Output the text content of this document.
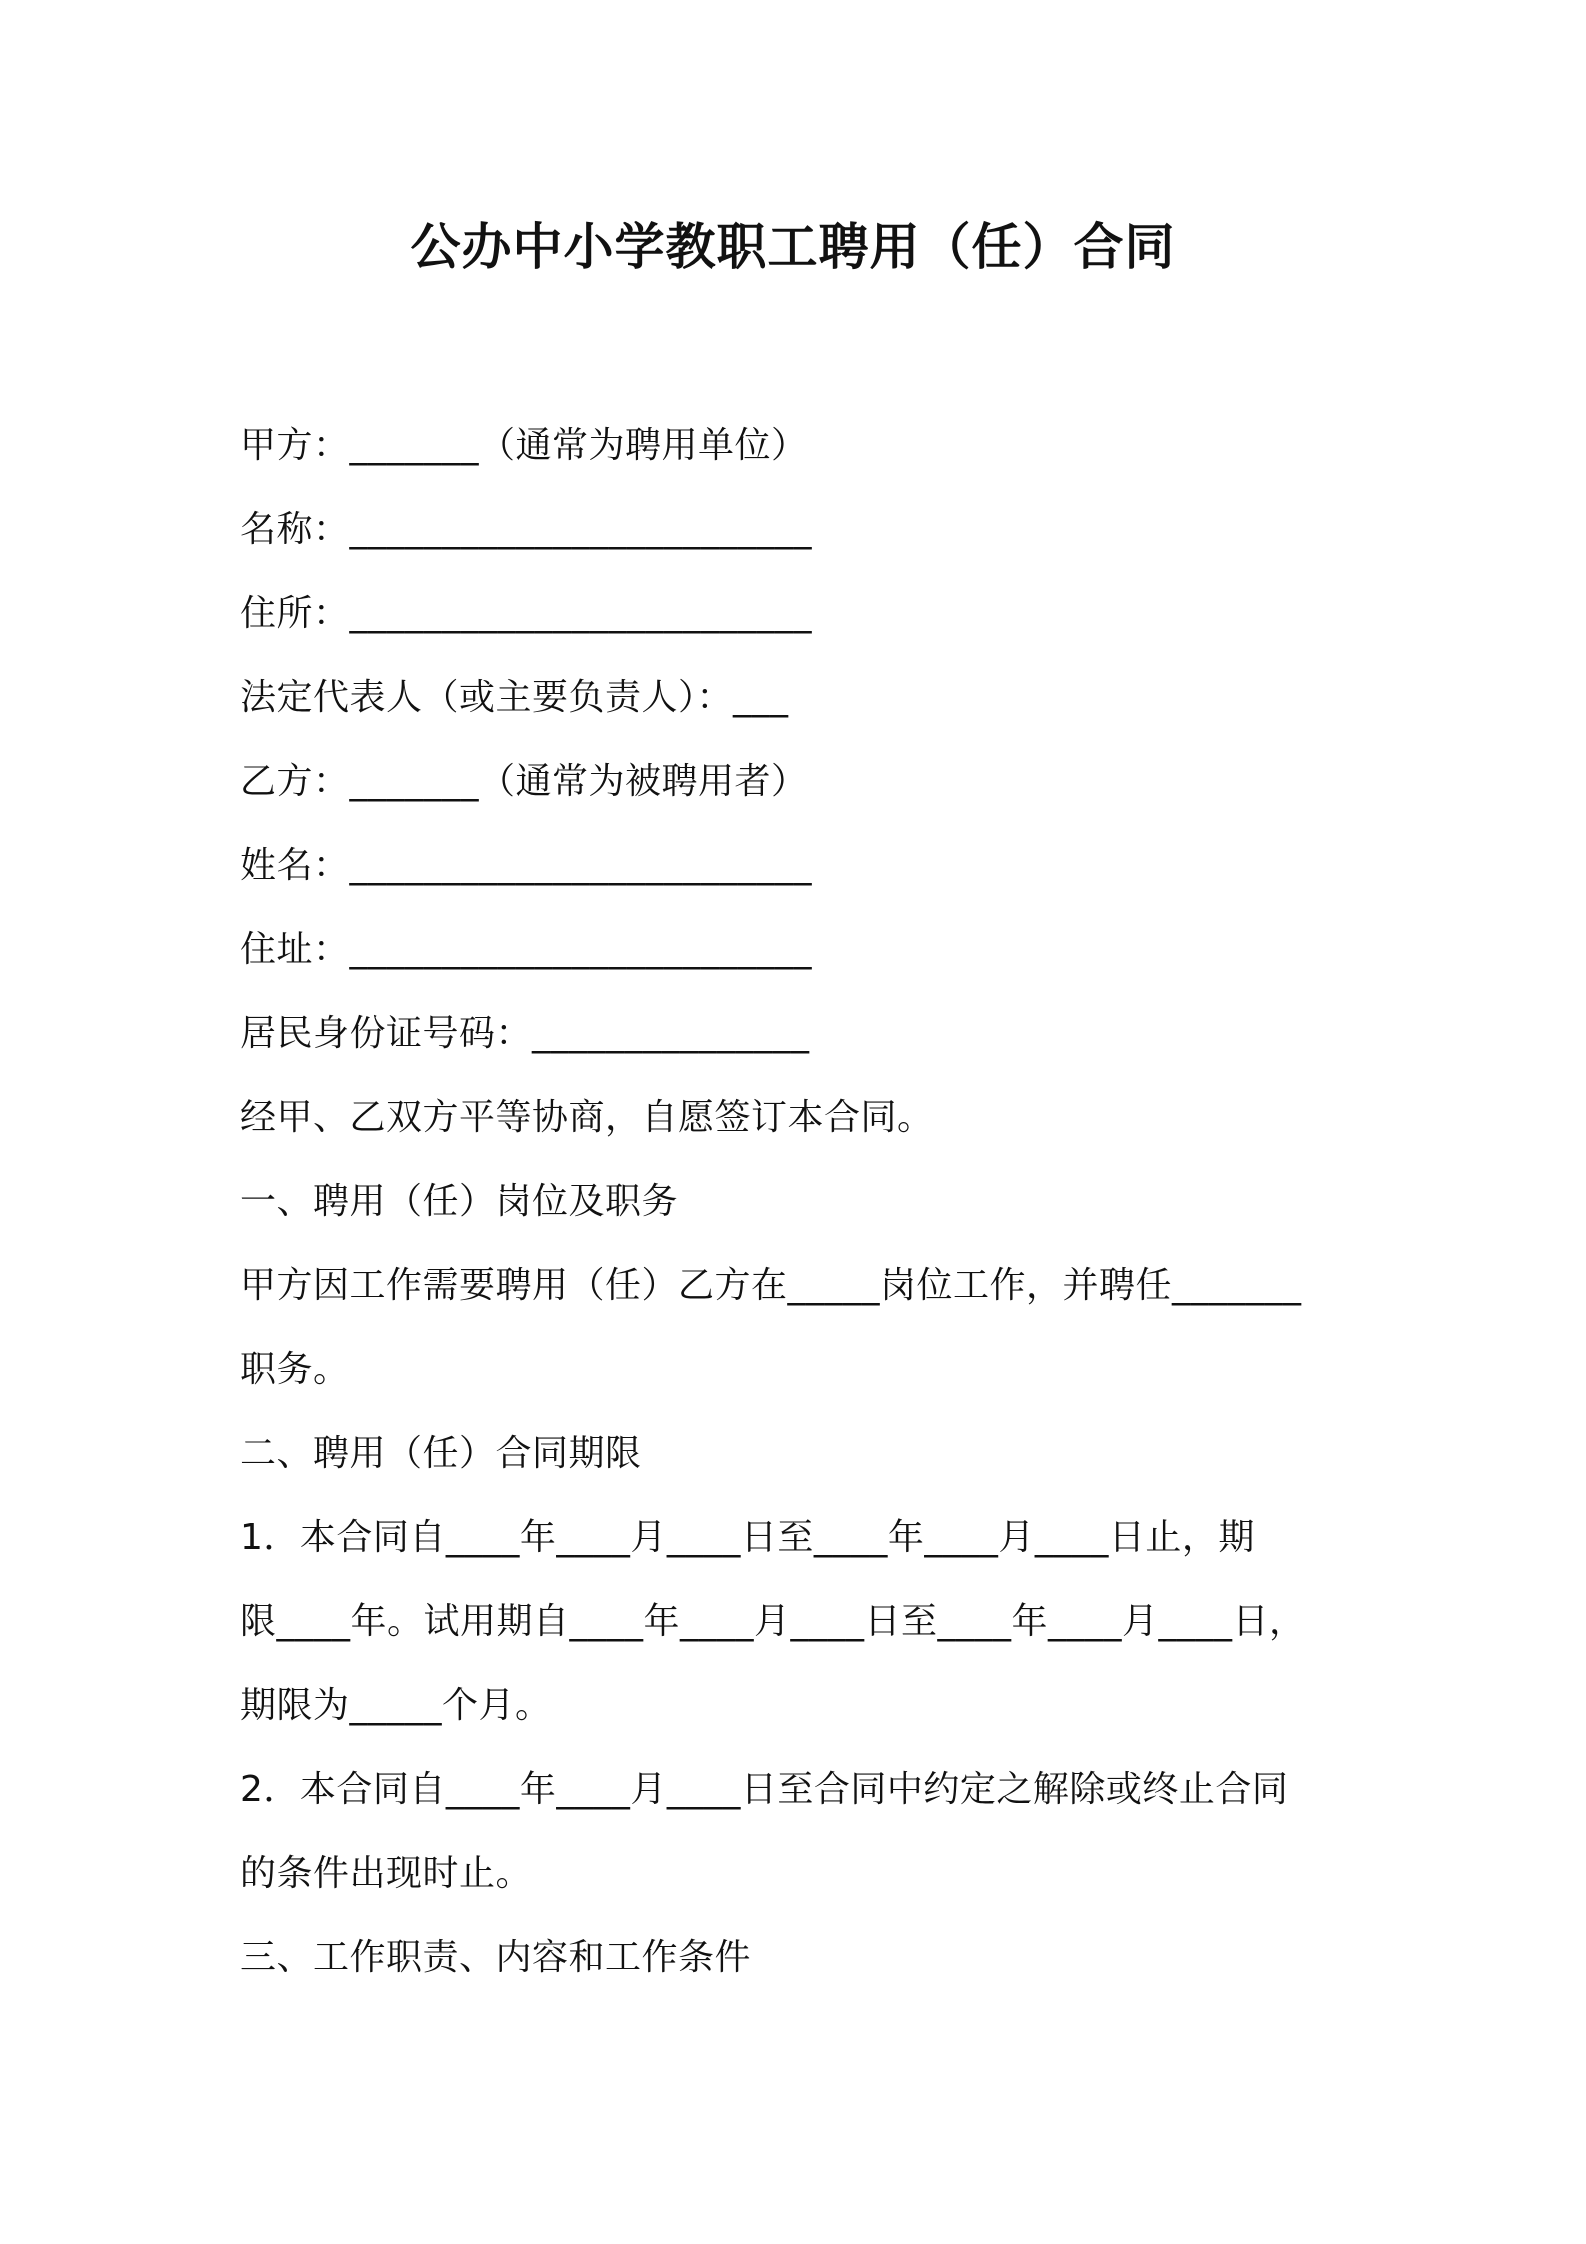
公办中小学教职工聘用（任）合同
甲方：_______（通常为聘用单位）
名称：_________________________
住所：_________________________
法定代表人（或主要负责人）：___
乙方：_______（通常为被聘用者）
姓名：_________________________
住址：_________________________
居民身份证号码：_______________
经甲、乙双方平等协商，自愿签订本合同。
一、聘用（任）岗位及职务
甲方因工作需要聘用（任）乙方在_____岗位工作，并聘任_______
职务。
二、聘用（任）合同期限
1．本合同自____年____月____日至____年____月____日止，期
限____年。试用期自____年____月____日至____年____月____日，
期限为_____个月。
2．本合同自____年____月____日至合同中约定之解除或终止合同
的条件出现时止。
三、工作职责、内容和工作条件
